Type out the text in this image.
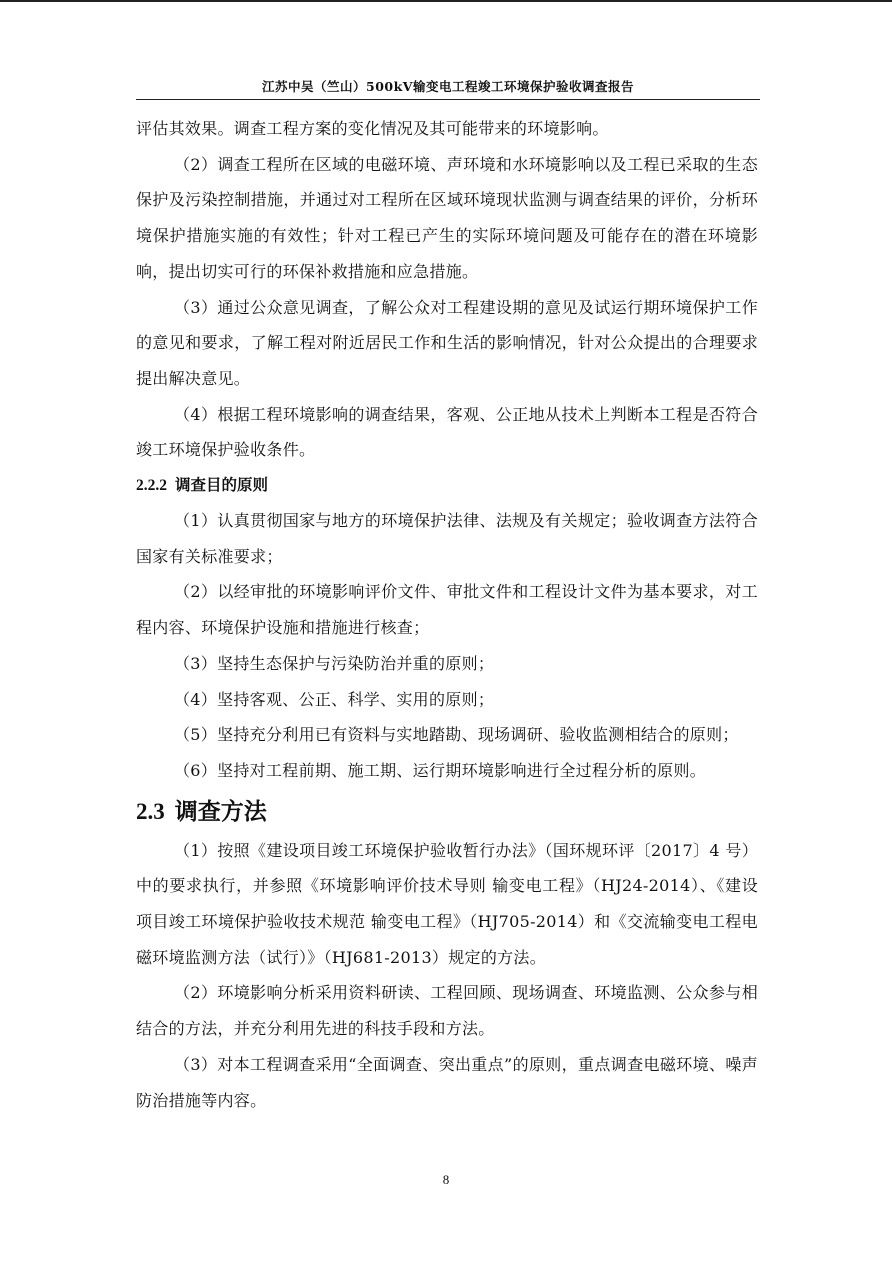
江苏中吴（竺山）500kV输变电工程竣工环境保护验收调查报告

评估其效果。调查工程方案的变化情况及其可能带来的环境影响。

（2）调查工程所在区域的电磁环境、声环境和水环境影响以及工程已采取的生态保护及污染控制措施，并通过对工程所在区域环境现状监测与调查结果的评价，分析环境保护措施实施的有效性；针对工程已产生的实际环境问题及可能存在的潜在环境影响，提出切实可行的环保补救措施和应急措施。

（3）通过公众意见调查，了解公众对工程建设期的意见及试运行期环境保护工作的意见和要求，了解工程对附近居民工作和生活的影响情况，针对公众提出的合理要求提出解决意见。

（4）根据工程环境影响的调查结果，客观、公正地从技术上判断本工程是否符合竣工环境保护验收条件。

2.2.2 调查目的原则

（1）认真贯彻国家与地方的环境保护法律、法规及有关规定；验收调查方法符合国家有关标准要求；

（2）以经审批的环境影响评价文件、审批文件和工程设计文件为基本要求，对工程内容、环境保护设施和措施进行核查；

（3）坚持生态保护与污染防治并重的原则；

（4）坚持客观、公正、科学、实用的原则；

（5）坚持充分利用已有资料与实地踏勘、现场调研、验收监测相结合的原则；

（6）坚持对工程前期、施工期、运行期环境影响进行全过程分析的原则。

2.3 调查方法

（1）按照《建设项目竣工环境保护验收暂行办法》（国环规环评〔2017〕4 号）中的要求执行，并参照《环境影响评价技术导则 输变电工程》（HJ24-2014）、《建设项目竣工环境保护验收技术规范 输变电工程》（HJ705-2014）和《交流输变电工程电磁环境监测方法（试行）》（HJ681-2013）规定的方法。

（2）环境影响分析采用资料研读、工程回顾、现场调查、环境监测、公众参与相结合的方法，并充分利用先进的科技手段和方法。

（3）对本工程调查采用“全面调查、突出重点”的原则，重点调查电磁环境、噪声防治措施等内容。

8
